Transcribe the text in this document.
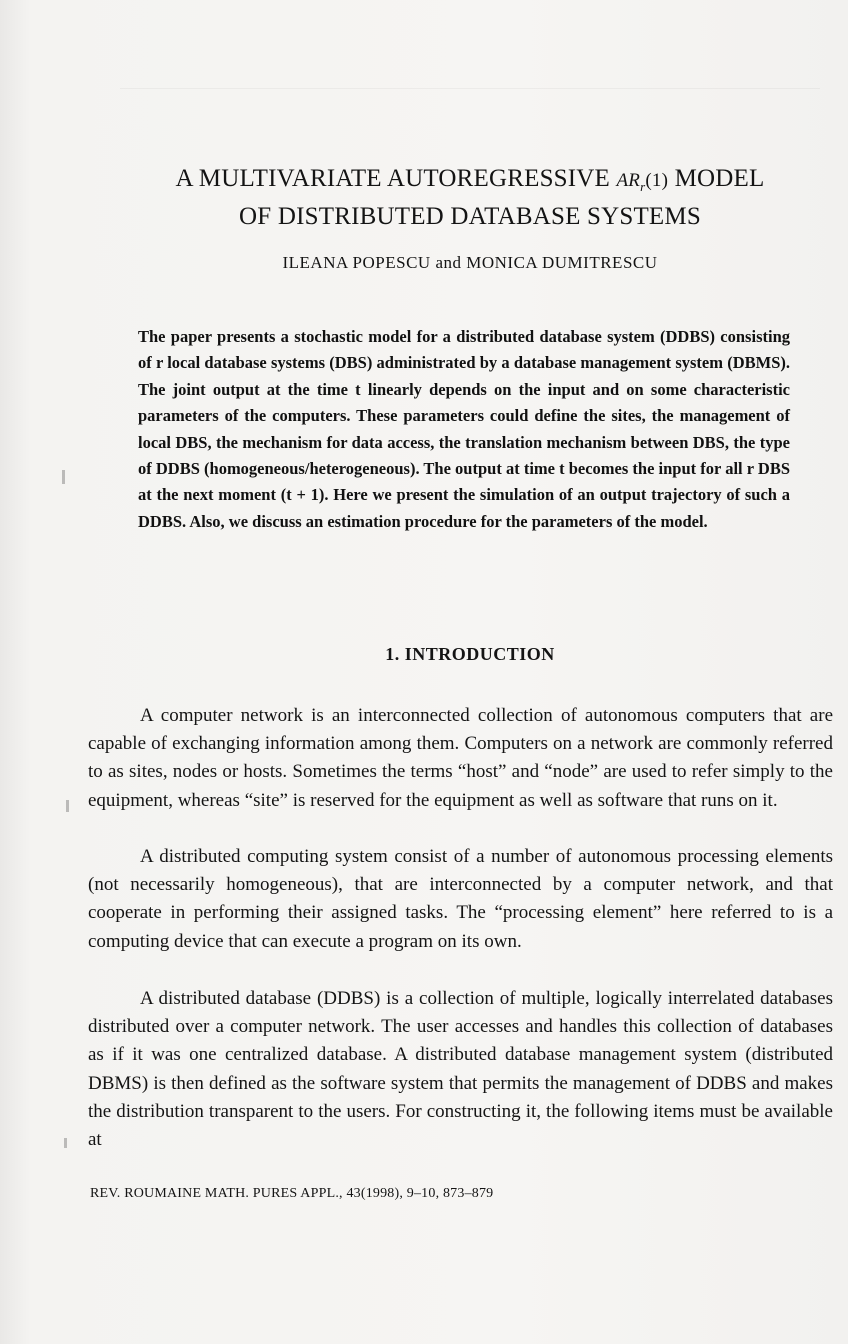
A MULTIVARIATE AUTOREGRESSIVE $AR_r(1)$ MODEL
OF DISTRIBUTED DATABASE SYSTEMS
ILEANA POPESCU and MONICA DUMITRESCU
The paper presents a stochastic model for a distributed database system (DDBS) consisting of r local database systems (DBS) administrated by a database management system (DBMS). The joint output at the time t linearly depends on the input and on some characteristic parameters of the computers. These parameters could define the sites, the management of local DBS, the mechanism for data access, the translation mechanism between DBS, the type of DDBS (homogeneous/heterogeneous). The output at time t becomes the input for all r DBS at the next moment (t + 1). Here we present the simulation of an output trajectory of such a DDBS. Also, we discuss an estimation procedure for the parameters of the model.
1. INTRODUCTION

A computer network is an interconnected collection of autonomous computers that are capable of exchanging information among them. Computers on a network are commonly referred to as sites, nodes or hosts. Sometimes the terms “host” and “node” are used to refer simply to the equipment, whereas “site” is reserved for the equipment as well as software that runs on it.

A distributed computing system consist of a number of autonomous processing elements (not necessarily homogeneous), that are interconnected by a computer network, and that cooperate in performing their assigned tasks. The “processing element” here referred to is a computing device that can execute a program on its own.

A distributed database (DDBS) is a collection of multiple, logically interrelated databases distributed over a computer network. The user accesses and handles this collection of databases as if it was one centralized database. A distributed database management system (distributed DBMS) is then defined as the software system that permits the management of DDBS and makes the distribution transparent to the users. For constructing it, the following items must be available at

REV. ROUMAINE MATH. PURES APPL., 43(1998), 9–10, 873–879
